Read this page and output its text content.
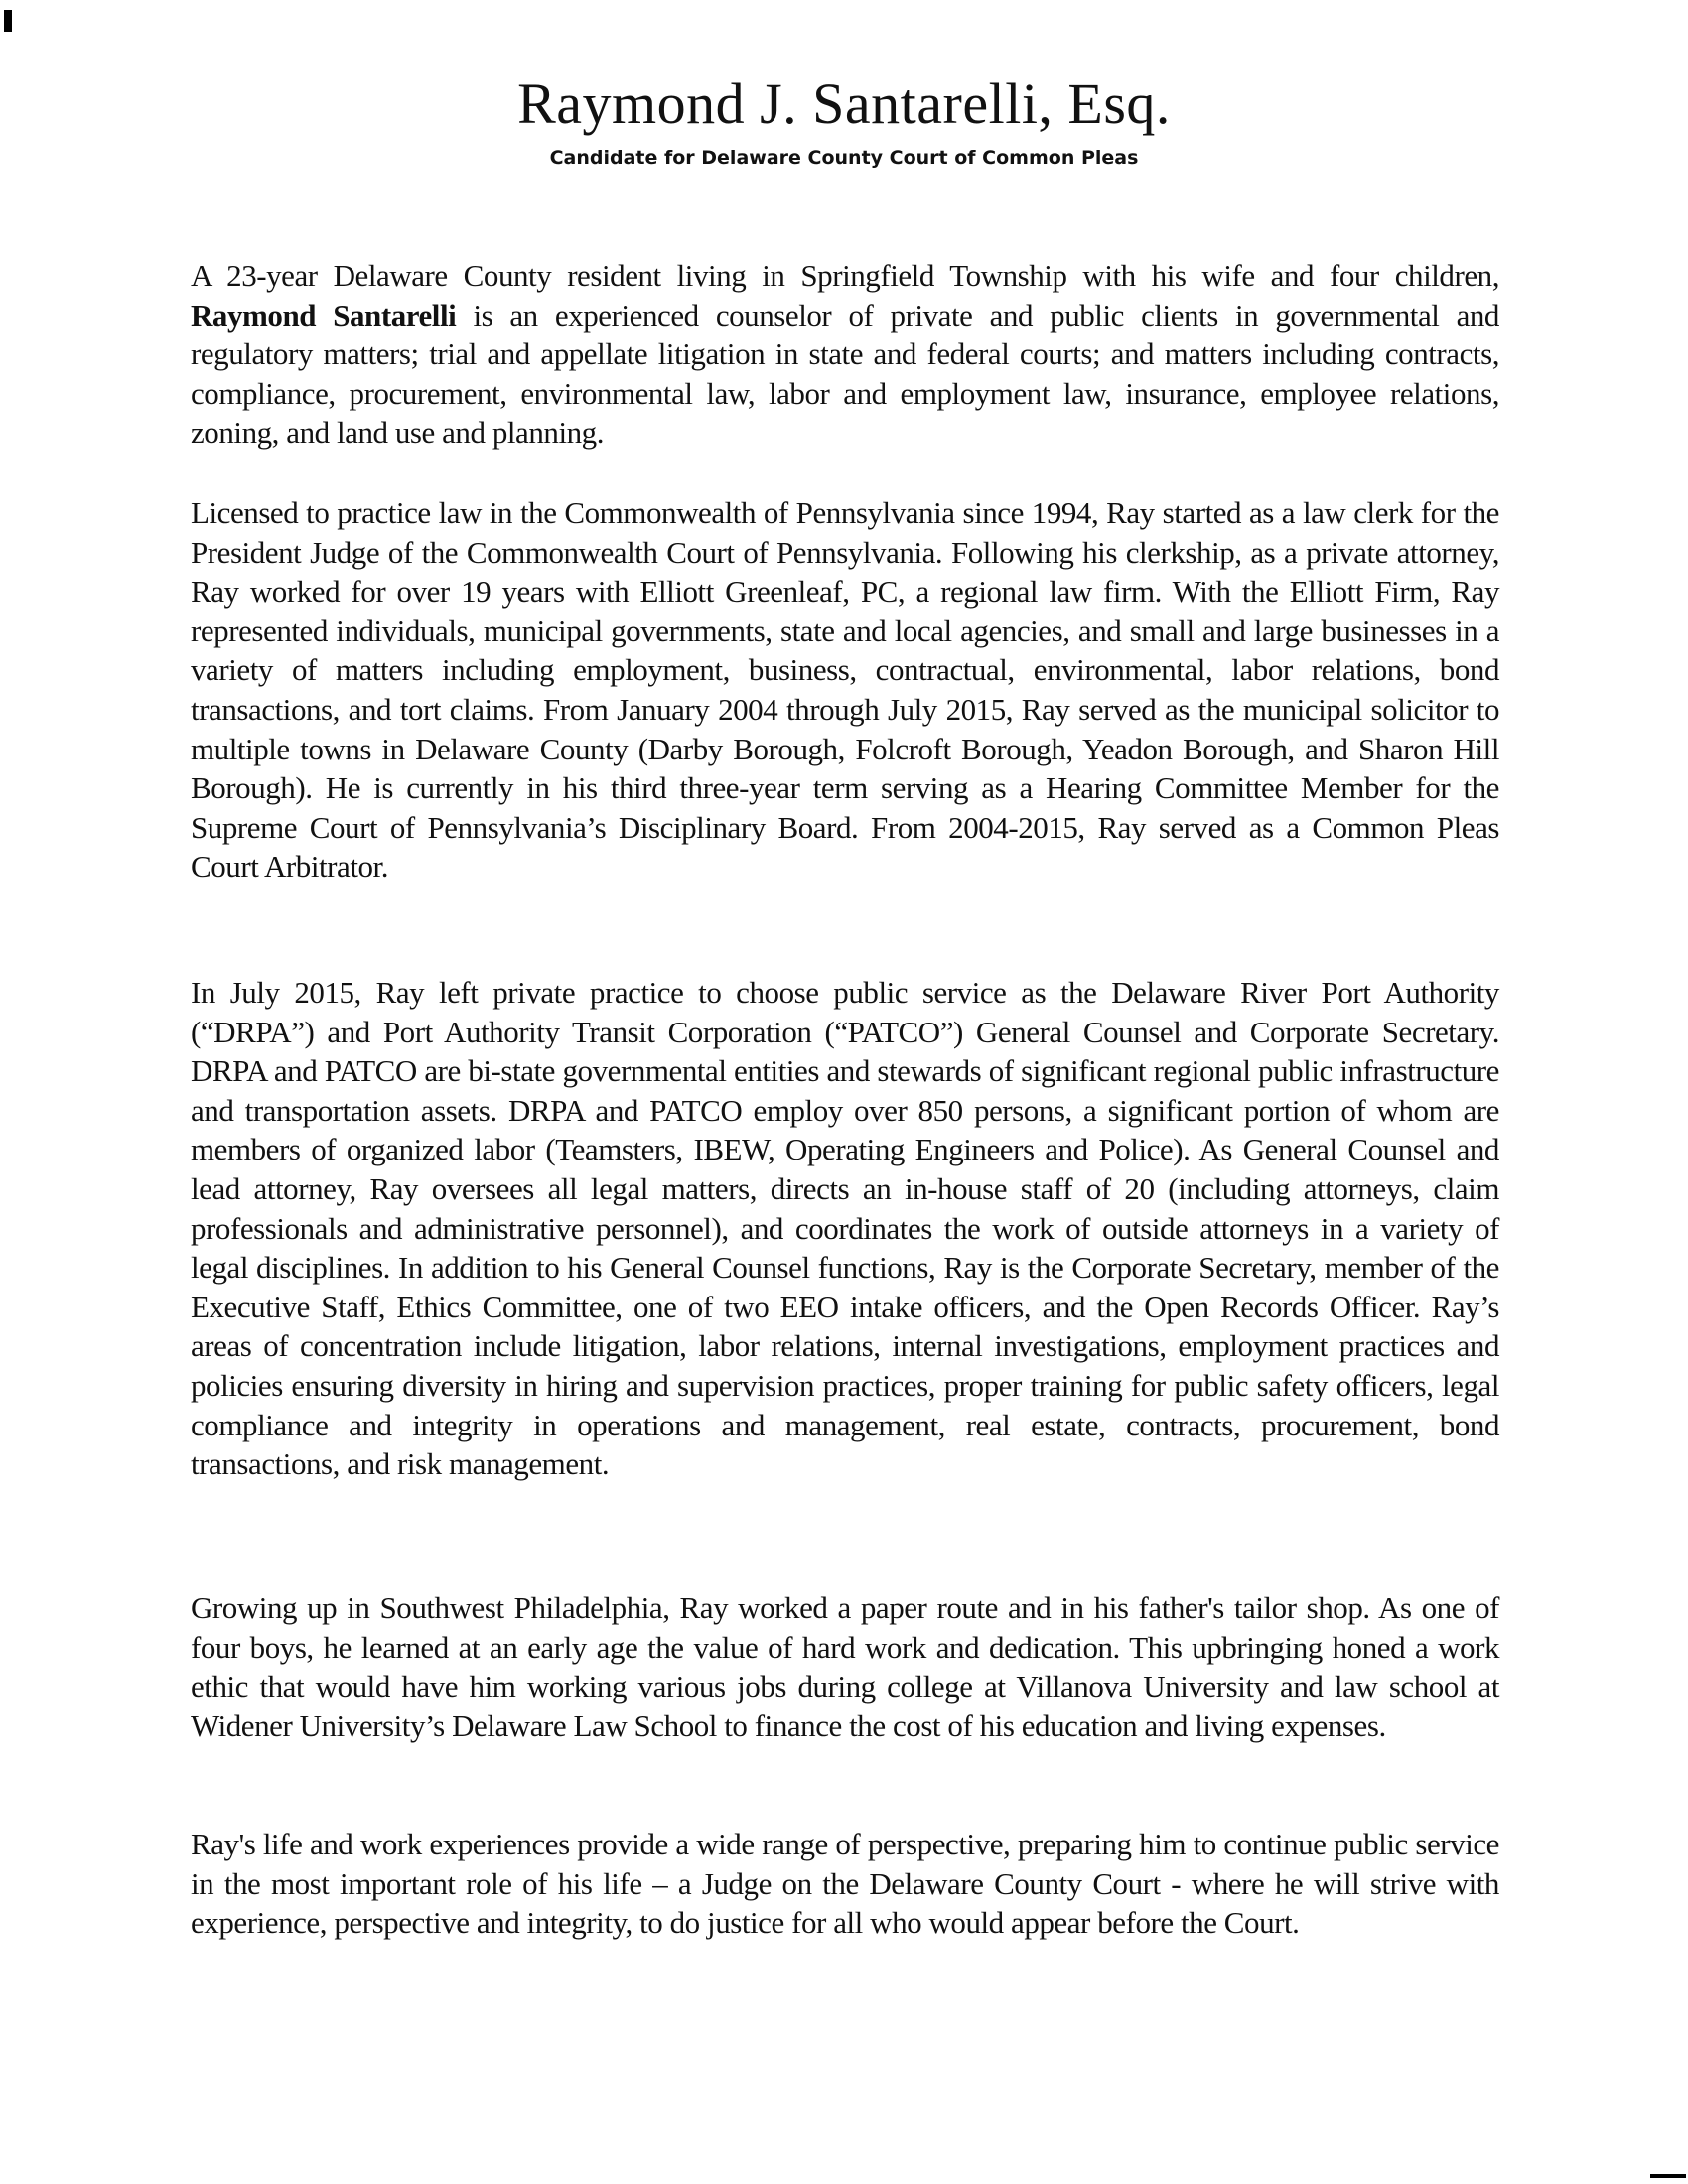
Raymond J. Santarelli, Esq.
Candidate for Delaware County Court of Common Pleas

A 23-year Delaware County resident living in Springfield Township with his wife and four children, Raymond Santarelli is an experienced counselor of private and public clients in governmental and regulatory matters; trial and appellate litigation in state and federal courts; and matters including contracts, compliance, procurement, environmental law, labor and employment law, insurance, employee relations, zoning, and land use and planning.

Licensed to practice law in the Commonwealth of Pennsylvania since 1994, Ray started as a law clerk for the President Judge of the Commonwealth Court of Pennsylvania. Following his clerkship, as a private attorney, Ray worked for over 19 years with Elliott Greenleaf, PC, a regional law firm. With the Elliott Firm, Ray represented individuals, municipal governments, state and local agencies, and small and large businesses in a variety of matters including employment, business, contractual, environmental, labor relations, bond transactions, and tort claims. From January 2004 through July 2015, Ray served as the municipal solicitor to multiple towns in Delaware County (Darby Borough, Folcroft Borough, Yeadon Borough, and Sharon Hill Borough). He is currently in his third three-year term serving as a Hearing Committee Member for the Supreme Court of Pennsylvania’s Disciplinary Board. From 2004-2015, Ray served as a Common Pleas Court Arbitrator.

In July 2015, Ray left private practice to choose public service as the Delaware River Port Authority (“DRPA”) and Port Authority Transit Corporation (“PATCO”) General Counsel and Corporate Secretary. DRPA and PATCO are bi-state governmental entities and stewards of significant regional public infrastructure and transportation assets. DRPA and PATCO employ over 850 persons, a significant portion of whom are members of organized labor (Teamsters, IBEW, Operating Engineers and Police). As General Counsel and lead attorney, Ray oversees all legal matters, directs an in-house staff of 20 (including attorneys, claim professionals and administrative personnel), and coordinates the work of outside attorneys in a variety of legal disciplines. In addition to his General Counsel functions, Ray is the Corporate Secretary, member of the Executive Staff, Ethics Committee, one of two EEO intake officers, and the Open Records Officer. Ray’s areas of concentration include litigation, labor relations, internal investigations, employment practices and policies ensuring diversity in hiring and supervision practices, proper training for public safety officers, legal compliance and integrity in operations and management, real estate, contracts, procurement, bond transactions, and risk management.

Growing up in Southwest Philadelphia, Ray worked a paper route and in his father's tailor shop. As one of four boys, he learned at an early age the value of hard work and dedication. This upbringing honed a work ethic that would have him working various jobs during college at Villanova University and law school at Widener University’s Delaware Law School to finance the cost of his education and living expenses.

Ray's life and work experiences provide a wide range of perspective, preparing him to continue public service in the most important role of his life – a Judge on the Delaware County Court - where he will strive with experience, perspective and integrity, to do justice for all who would appear before the Court.
